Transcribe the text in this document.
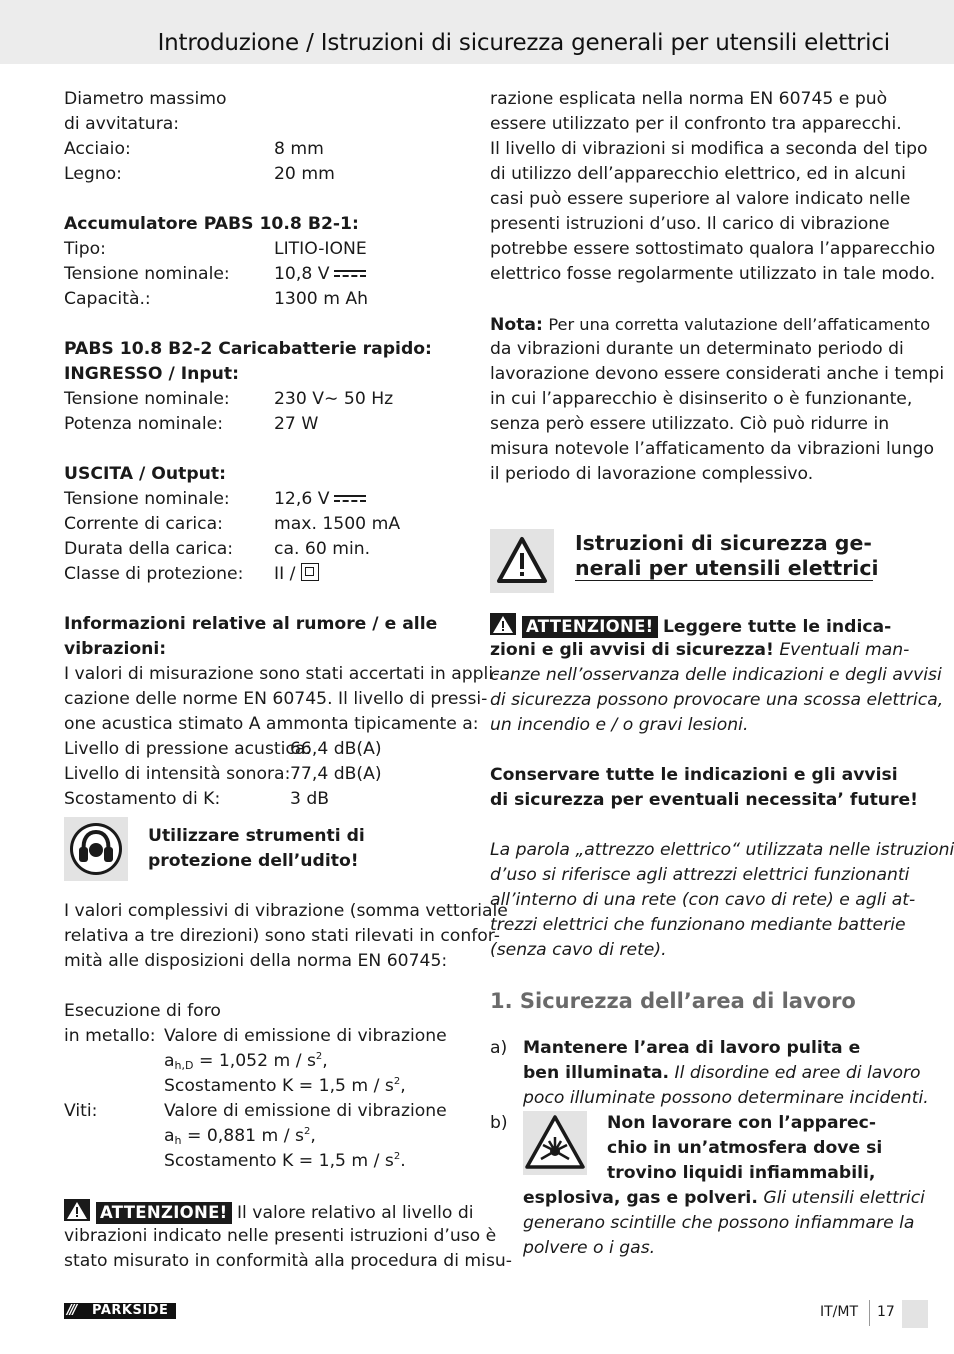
Introduzione / Istruzioni di sicurezza generali per utensili elettrici
Diametro massimo
di avvitatura:
Acciaio:	8 mm
Legno:	20 mm
Accumulatore PABS 10.8 B2-1:
Tipo:	LITIO-IONE
Tensione nominale:	10,8 V
Capacità.:	1300 m Ah
PABS 10.8 B2-2 Caricabatterie rapido:
INGRESSO / Input:
Tensione nominale:	230 V∼ 50 Hz
Potenza nominale:	27 W
USCITA / Output:
Tensione nominale:	12,6 V
Corrente di carica:	max. 1500 mA
Durata della carica: ca. 60 min.
Classe di protezione: II /
Informazioni relative al rumore / e alle
vibrazioni:
I valori di misurazione sono stati accertati in appli-
cazione delle norme EN 60745. Il livello di pressi-
one acustica stimato A ammonta tipicamente a:
Livello di pressione acustica:
66,4 dB(A)
Livello di intensità sonora: 77,4 dB(A)
Scostamento di K:	3 dB
Utilizzare strumenti di
protezione dell’udito!
I valori complessivi di vibrazione (somma vettoriale
relativa a tre direzioni) sono stati rilevati in confor-
mità alle disposizioni della norma EN 60745:
Esecuzione di foro
in metallo: Valore di emissione di vibrazione
$a_{h,D} = 1,052$ m / $s^2$,
Scostamento K = 1,5 m / $s^2$,
Viti:	Valore di emissione di vibrazione
$a_h = 0,881$ m / $s^2$,
Scostamento K = 1,5 m / $s^2$.
ATTENZIONE! Il valore relativo al livello di
vibrazioni indicato nelle presenti istruzioni d’uso è
stato misurato in conformità alla procedura di misu-
razione esplicata nella norma EN 60745 e può
essere utilizzato per il confronto tra apparecchi.
Il livello di vibrazioni si modifica a seconda del tipo
di utilizzo dell’apparecchio elettrico, ed in alcuni
casi può essere superiore al valore indicato nelle
presenti istruzioni d’uso. Il carico di vibrazione
potrebbe essere sottostimato qualora l’apparecchio
elettrico fosse regolarmente utilizzato in tale modo.
Nota: Per una corretta valutazione dell’affaticamento
da vibrazioni durante un determinato periodo di
lavorazione devono essere considerati anche i tempi
in cui l’apparecchio è disinserito o è funzionante,
senza però essere utilizzato. Ciò può ridurre in
misura notevole l’affaticamento da vibrazioni lungo
il periodo di lavorazione complessivo.
Istruzioni di sicurezza ge-
nerali per utensili elettrici
ATTENZIONE! Leggere tutte le indica-
zioni e gli avvisi di sicurezza! Eventuali man-
canze nell’osservanza delle indicazioni e degli avvisi
di sicurezza possono provocare una scossa elettrica,
un incendio e / o gravi lesioni.
Conservare tutte le indicazioni e gli avvisi
di sicurezza per eventuali necessita’ future!
La parola „attrezzo elettrico“ utilizzata nelle istruzioni
d’uso si riferisce agli attrezzi elettrici funzionanti
all’interno di una rete (con cavo di rete) e agli at-
trezzi elettrici che funzionano mediante batterie
(senza cavo di rete).
1. Sicurezza dell’area di lavoro
a) Mantenere l’area di lavoro pulita e
ben illuminata. Il disordine ed aree di lavoro
poco illuminate possono determinare incidenti.
b)	Non lavorare con l’apparec-
chio in un’atmosfera dove si
trovino liquidi infiammabili,
esplosiva, gas e polveri. Gli utensili elettrici
generano scintille che possono infiammare la
polvere o i gas.
/// PARKSIDE	IT/MT 17
